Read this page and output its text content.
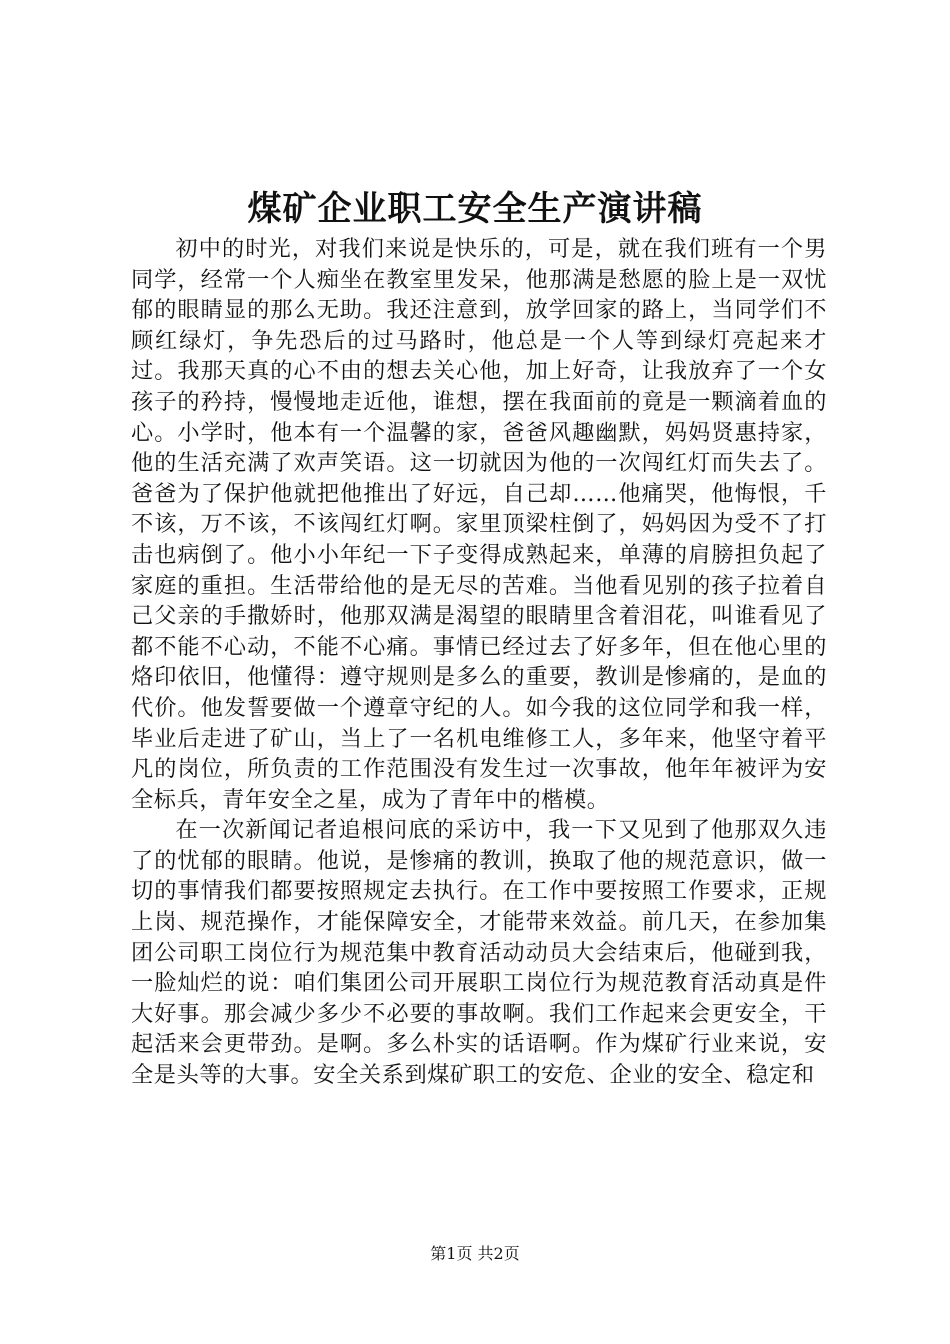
煤矿企业职工安全生产演讲稿

初中的时光，对我们来说是快乐的，可是，就在我们班有一个男同学，经常一个人痴坐在教室里发呆，他那满是愁愿的脸上是一双忧郁的眼睛显的那么无助。我还注意到，放学回家的路上，当同学们不顾红绿灯，争先恐后的过马路时，他总是一个人等到绿灯亮起来才过。我那天真的心不由的想去关心他，加上好奇，让我放弃了一个女孩子的矜持，慢慢地走近他，谁想，摆在我面前的竟是一颗滴着血的心。小学时，他本有一个温馨的家，爸爸风趣幽默，妈妈贤惠持家，他的生活充满了欢声笑语。这一切就因为他的一次闯红灯而失去了。爸爸为了保护他就把他推出了好远，自己却……他痛哭，他悔恨，千不该，万不该，不该闯红灯啊。家里顶梁柱倒了，妈妈因为受不了打击也病倒了。他小小年纪一下子变得成熟起来，单薄的肩膀担负起了家庭的重担。生活带给他的是无尽的苦难。当他看见别的孩子拉着自己父亲的手撒娇时，他那双满是渴望的眼睛里含着泪花，叫谁看见了都不能不心动，不能不心痛。事情已经过去了好多年，但在他心里的烙印依旧，他懂得：遵守规则是多么的重要，教训是惨痛的，是血的代价。他发誓要做一个遵章守纪的人。如今我的这位同学和我一样，毕业后走进了矿山，当上了一名机电维修工人，多年来，他坚守着平凡的岗位，所负责的工作范围没有发生过一次事故，他年年被评为安全标兵，青年安全之星，成为了青年中的楷模。

在一次新闻记者追根问底的采访中，我一下又见到了他那双久违了的忧郁的眼睛。他说，是惨痛的教训，换取了他的规范意识，做一切的事情我们都要按照规定去执行。在工作中要按照工作要求，正规上岗、规范操作，才能保障安全，才能带来效益。前几天，在参加集团公司职工岗位行为规范集中教育活动动员大会结束后，他碰到我，一脸灿烂的说：咱们集团公司开展职工岗位行为规范教育活动真是件大好事。那会减少多少不必要的事故啊。我们工作起来会更安全，干起活来会更带劲。是啊。多么朴实的话语啊。作为煤矿行业来说，安全是头等的大事。安全关系到煤矿职工的安危、企业的安全、稳定和

第1页 共2页
